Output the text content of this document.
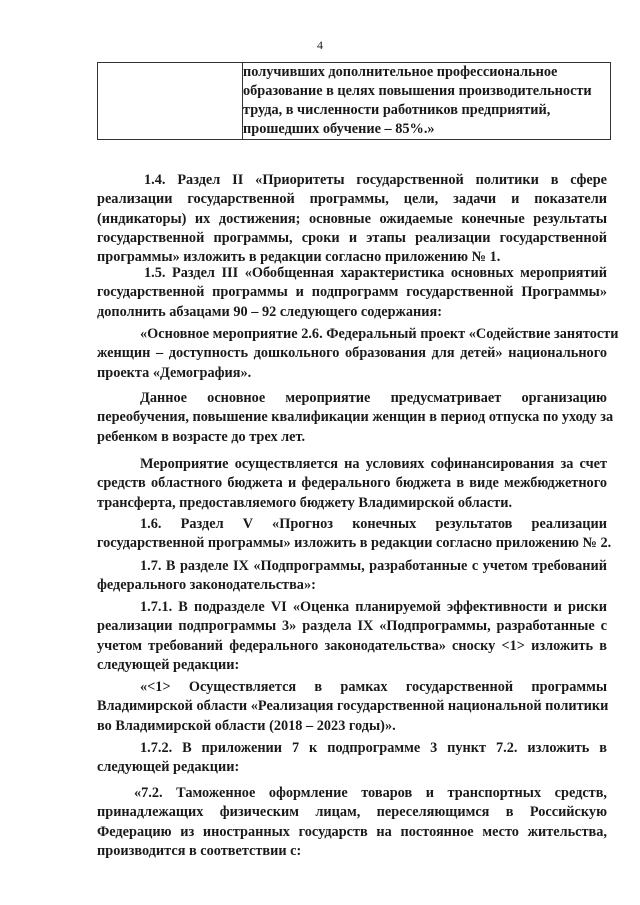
4

получивших дополнительное профессиональное
образование в целях повышения производительности
труда, в численности работников предприятий,
прошедших обучение – 85%.»
1.4. Раздел II «Приоритеты государственной политики в сфере
реализации государственной программы, цели, задачи и показатели
(индикаторы) их достижения; основные ожидаемые конечные результаты
государственной программы, сроки и этапы реализации государственной
программы» изложить в редакции согласно приложению № 1.
1.5. Раздел III «Обобщенная характеристика основных мероприятий
государственной программы и подпрограмм государственной Программы»
дополнить абзацами 90 – 92 следующего содержания:
«Основное мероприятие 2.6. Федеральный проект «Содействие занятости
женщин – доступность дошкольного образования для детей» национального
проекта «Демография».
Данное основное мероприятие предусматривает организацию
переобучения, повышение квалификации женщин в период отпуска по уходу за
ребенком в возрасте до трех лет.
Мероприятие осуществляется на условиях софинансирования за счет
средств областного бюджета и федерального бюджета в виде межбюджетного
трансферта, предоставляемого бюджету Владимирской области.
1.6. Раздел V «Прогноз конечных результатов реализации
государственной программы» изложить в редакции согласно приложению № 2.
1.7. В разделе IX «Подпрограммы, разработанные с учетом требований
федерального законодательства»:
1.7.1. В подразделе VI «Оценка планируемой эффективности и риски
реализации подпрограммы 3» раздела IX «Подпрограммы, разработанные с
учетом требований федерального законодательства» сноску <1> изложить в
следующей редакции:
«<1> Осуществляется в рамках государственной программы
Владимирской области «Реализация государственной национальной политики
во Владимирской области (2018 – 2023 годы)».
1.7.2. В приложении 7 к подпрограмме 3 пункт 7.2. изложить в
следующей редакции:
«7.2. Таможенное оформление товаров и транспортных средств,
принадлежащих физическим лицам, переселяющимся в Российскую
Федерацию из иностранных государств на постоянное место жительства,
производится в соответствии с:
